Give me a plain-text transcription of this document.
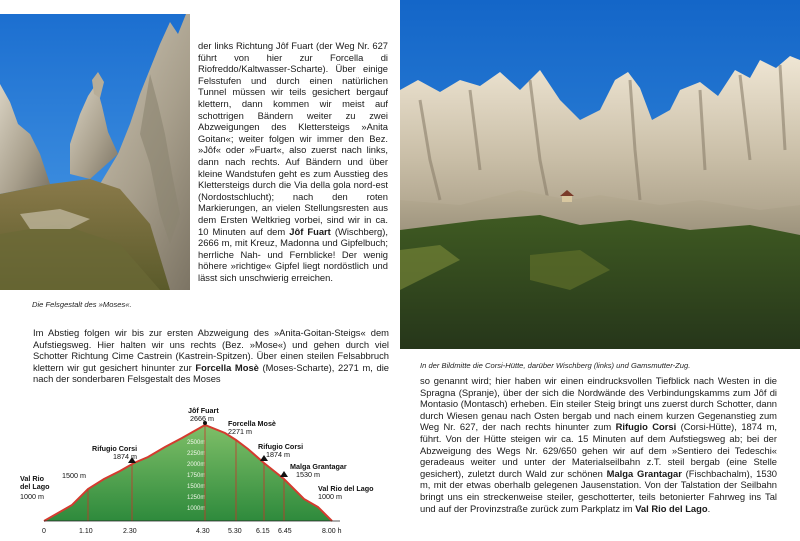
Die Felsgestalt des »Moses«.

der links Richtung Jôf Fuart (der Weg Nr. 627 führt von hier zur Forcella di Riofreddo/Kaltwasser-Scharte). Über einige Felsstufen und durch einen natürlichen Tunnel müssen wir teils gesichert bergauf klettern, dann kommen wir meist auf schottrigen Bändern weiter zu zwei Abzweigungen des Klettersteigs »Anita Goitan«; weiter folgen wir immer den Bez. »Jôf« oder »Fuart«, also zuerst nach links, dann nach rechts. Auf Bändern und über kleine Wandstufen geht es zum Ausstieg des Klettersteigs durch die Via della gola nord-est (Nordostschlucht); nach den roten Markierungen, an vielen Stellungsresten aus dem Ersten Weltkrieg vorbei, sind wir in ca. 10 Minuten auf dem Jôf Fuart (Wischberg), 2666 m, mit Kreuz, Madonna und Gipfelbuch; herrliche Nah- und Fernblicke! Der wenig höhere »richtige« Gipfel liegt nordöstlich und lässt sich unschwierig erreichen.

Im Abstieg folgen wir bis zur ersten Abzweigung des »Anita-Goitan-Steigs« dem Aufstiegsweg. Hier halten wir uns rechts (Bez. »Mose«) und gehen durch viel Schotter Richtung Cime Castrein (Kastrein-Spitzen). Über einen steilen Felsabbruch klettern wir gut gesichert hinunter zur Forcella Mosè (Moses-Scharte), 2271 m, die nach der sonderbaren Felsgestalt des Moses

In der Bildmitte die Corsi-Hütte, darüber Wischberg (links) und Gamsmutter-Zug.

so genannt wird; hier haben wir einen eindrucksvollen Tiefblick nach Westen in die Spragna (Spranje), über der sich die Nordwände des Verbindungskamms zum Jôf di Montasio (Montasch) erheben. Ein steiler Steig bringt uns zuerst durch Schotter, dann durch Wiesen genau nach Osten bergab und nach einem kurzen Gegenanstieg zum Weg Nr. 627, der nach rechts hinunter zum Rifugio Corsi (Corsi-Hütte), 1874 m, führt. Von der Hütte steigen wir ca. 15 Minuten auf dem Aufstiegsweg ab; bei der Abzweigung des Wegs Nr. 629/650 gehen wir auf dem »Sentiero dei Tedeschi« geradeaus weiter und unter der Materialseilbahn z.T. steil bergab (eine Stelle gesichert), zuletzt durch Wald zur schönen Malga Grantagar (Fischbachalm), 1530 m, mit der etwas oberhalb gelegenen Jausenstation. Von der Talstation der Seilbahn bringt uns ein streckenweise steiler, geschotterter, teils betonierter Fahrweg ins Tal und auf der Provinzstraße zurück zum Parkplatz im Val Rio del Lago.

2500m
2250m
2000m
1750m
1500m
1250m
1000m
Val Rio del Lago
1000 m
1500 m
Rifugio Corsi
1874 m
Jôf Fuart
2666 m
Forcella Mosè
2271 m
Rifugio Corsi
1874 m
Malga Grantagar
1530 m
Val Rio del Lago
1000 m
0	1.10	2.30	4.30	5.30 6.15 6.45	8.00 h
